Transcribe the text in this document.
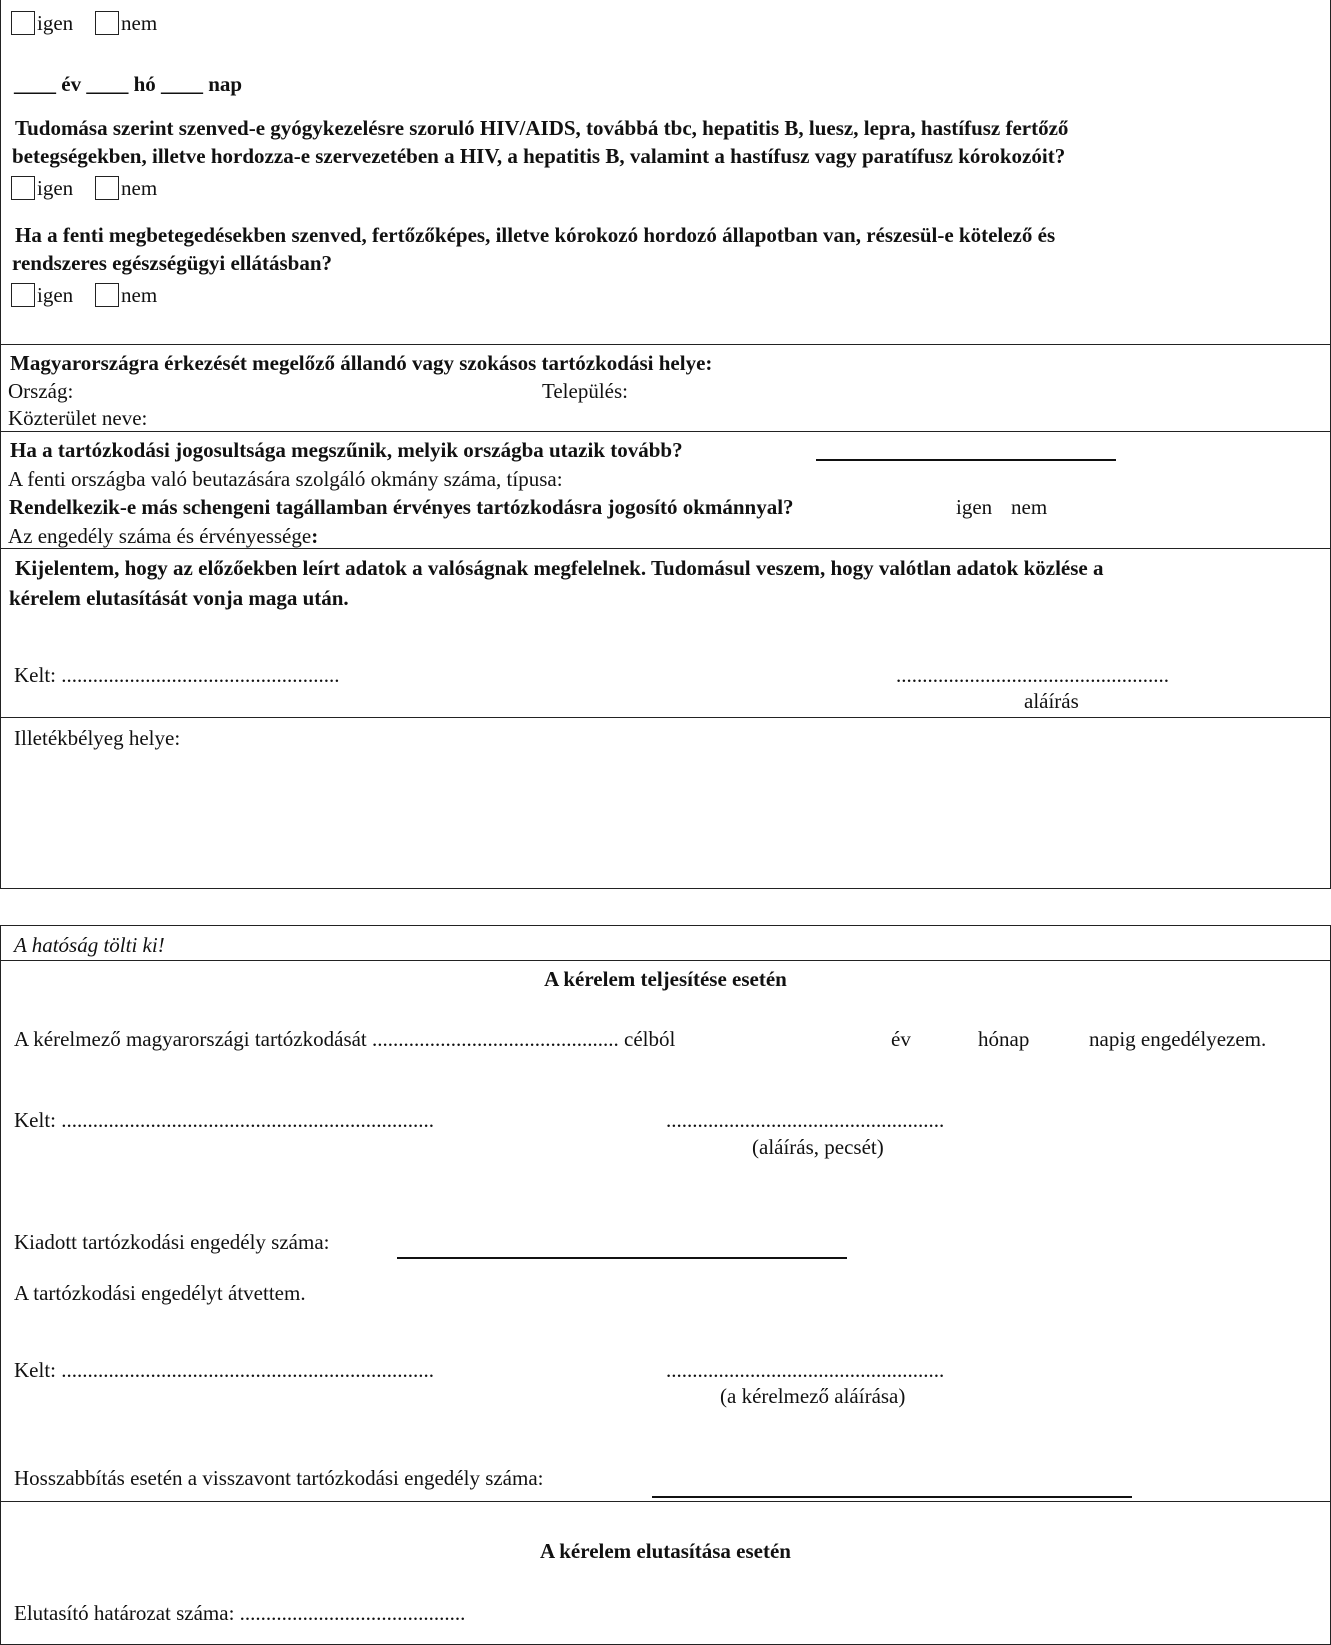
igen nem
____ év ____ hó ____ nap
Tudomása szerint szenved-e gyógykezelésre szoruló HIV/AIDS, továbbá tbc, hepatitis B, luesz, lepra, hastífusz fertőző
betegségekben, illetve hordozza-e szervezetében a HIV, a hepatitis B, valamint a hastífusz vagy paratífusz kórokozóit?
igen nem
Ha a fenti megbetegedésekben szenved, fertőzőképes, illetve kórokozó hordozó állapotban van, részesül-e kötelező és
rendszeres egészségügyi ellátásban?
igen nem
Magyarországra érkezését megelőző állandó vagy szokásos tartózkodási helye:
Ország:	Település:
Közterület neve:
Ha a tartózkodási jogosultsága megszűnik, melyik országba utazik tovább?
A fenti országba való beutazására szolgáló okmány száma, típusa:
Rendelkezik-e más schengeni tagállamban érvényes tartózkodásra jogosító okmánnyal?	igen nem
Az engedély száma és érvényessége:
Kijelentem, hogy az előzőekben leírt adatok a valóságnak megfelelnek. Tudomásul veszem, hogy valótlan adatok közlése a
kérelem elutasítását vonja maga után.
Kelt: .....................................................	....................................................
aláírás
Illetékbélyeg helye:
A hatóság tölti ki!
A kérelem teljesítése esetén
A kérelmező magyarországi tartózkodását ............................................... célból	év	hónap	napig engedélyezem.
Kelt: .......................................................................	.....................................................
(aláírás, pecsét)
Kiadott tartózkodási engedély száma:
A tartózkodási engedélyt átvettem.
Kelt: .......................................................................	.....................................................
(a kérelmező aláírása)
Hosszabbítás esetén a visszavont tartózkodási engedély száma:
A kérelem elutasítása esetén
Elutasító határozat száma: ...........................................
